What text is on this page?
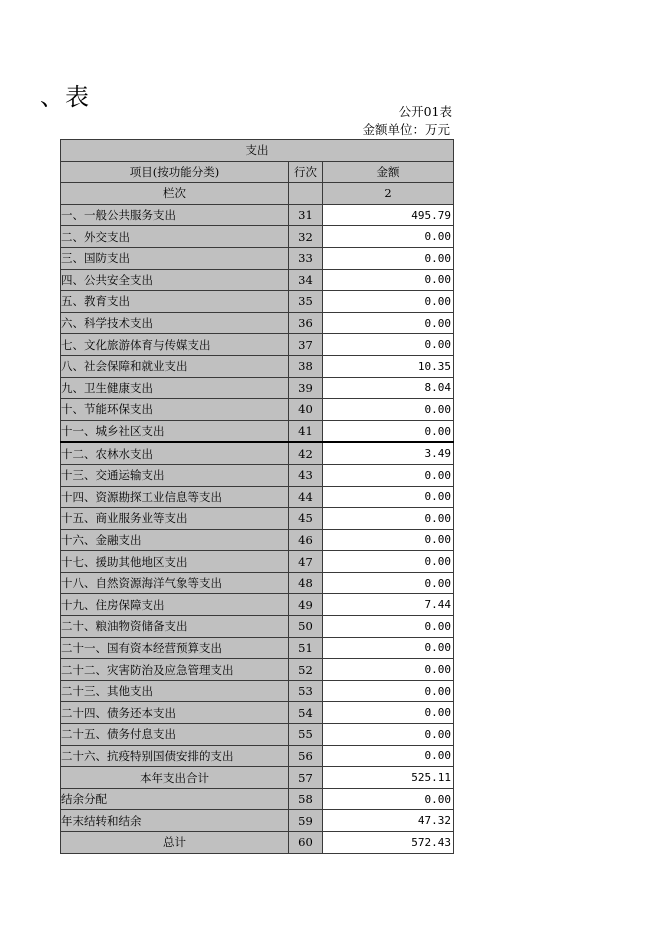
、表
公开01表
金额单位：万元
支出		
项目(按功能分类)	行次	金额
栏次		2
一、一般公共服务支出	31	495.79
二、外交支出	32	0.00
三、国防支出	33	0.00
四、公共安全支出	34	0.00
五、教育支出	35	0.00
六、科学技术支出	36	0.00
七、文化旅游体育与传媒支出	37	0.00
八、社会保障和就业支出	38	10.35
九、卫生健康支出	39	8.04
十、节能环保支出	40	0.00
十一、城乡社区支出	41	0.00
十二、农林水支出	42	3.49
十三、交通运输支出	43	0.00
十四、资源勘探工业信息等支出	44	0.00
十五、商业服务业等支出	45	0.00
十六、金融支出	46	0.00
十七、援助其他地区支出	47	0.00
十八、自然资源海洋气象等支出	48	0.00
十九、住房保障支出	49	7.44
二十、粮油物资储备支出	50	0.00
二十一、国有资本经营预算支出	51	0.00
二十二、灾害防治及应急管理支出	52	0.00
二十三、其他支出	53	0.00
二十四、债务还本支出	54	0.00
二十五、债务付息支出	55	0.00
二十六、抗疫特别国债安排的支出	56	0.00
本年支出合计	57	525.11
结余分配	58	0.00
年末结转和结余	59	47.32
总计	60	572.43
